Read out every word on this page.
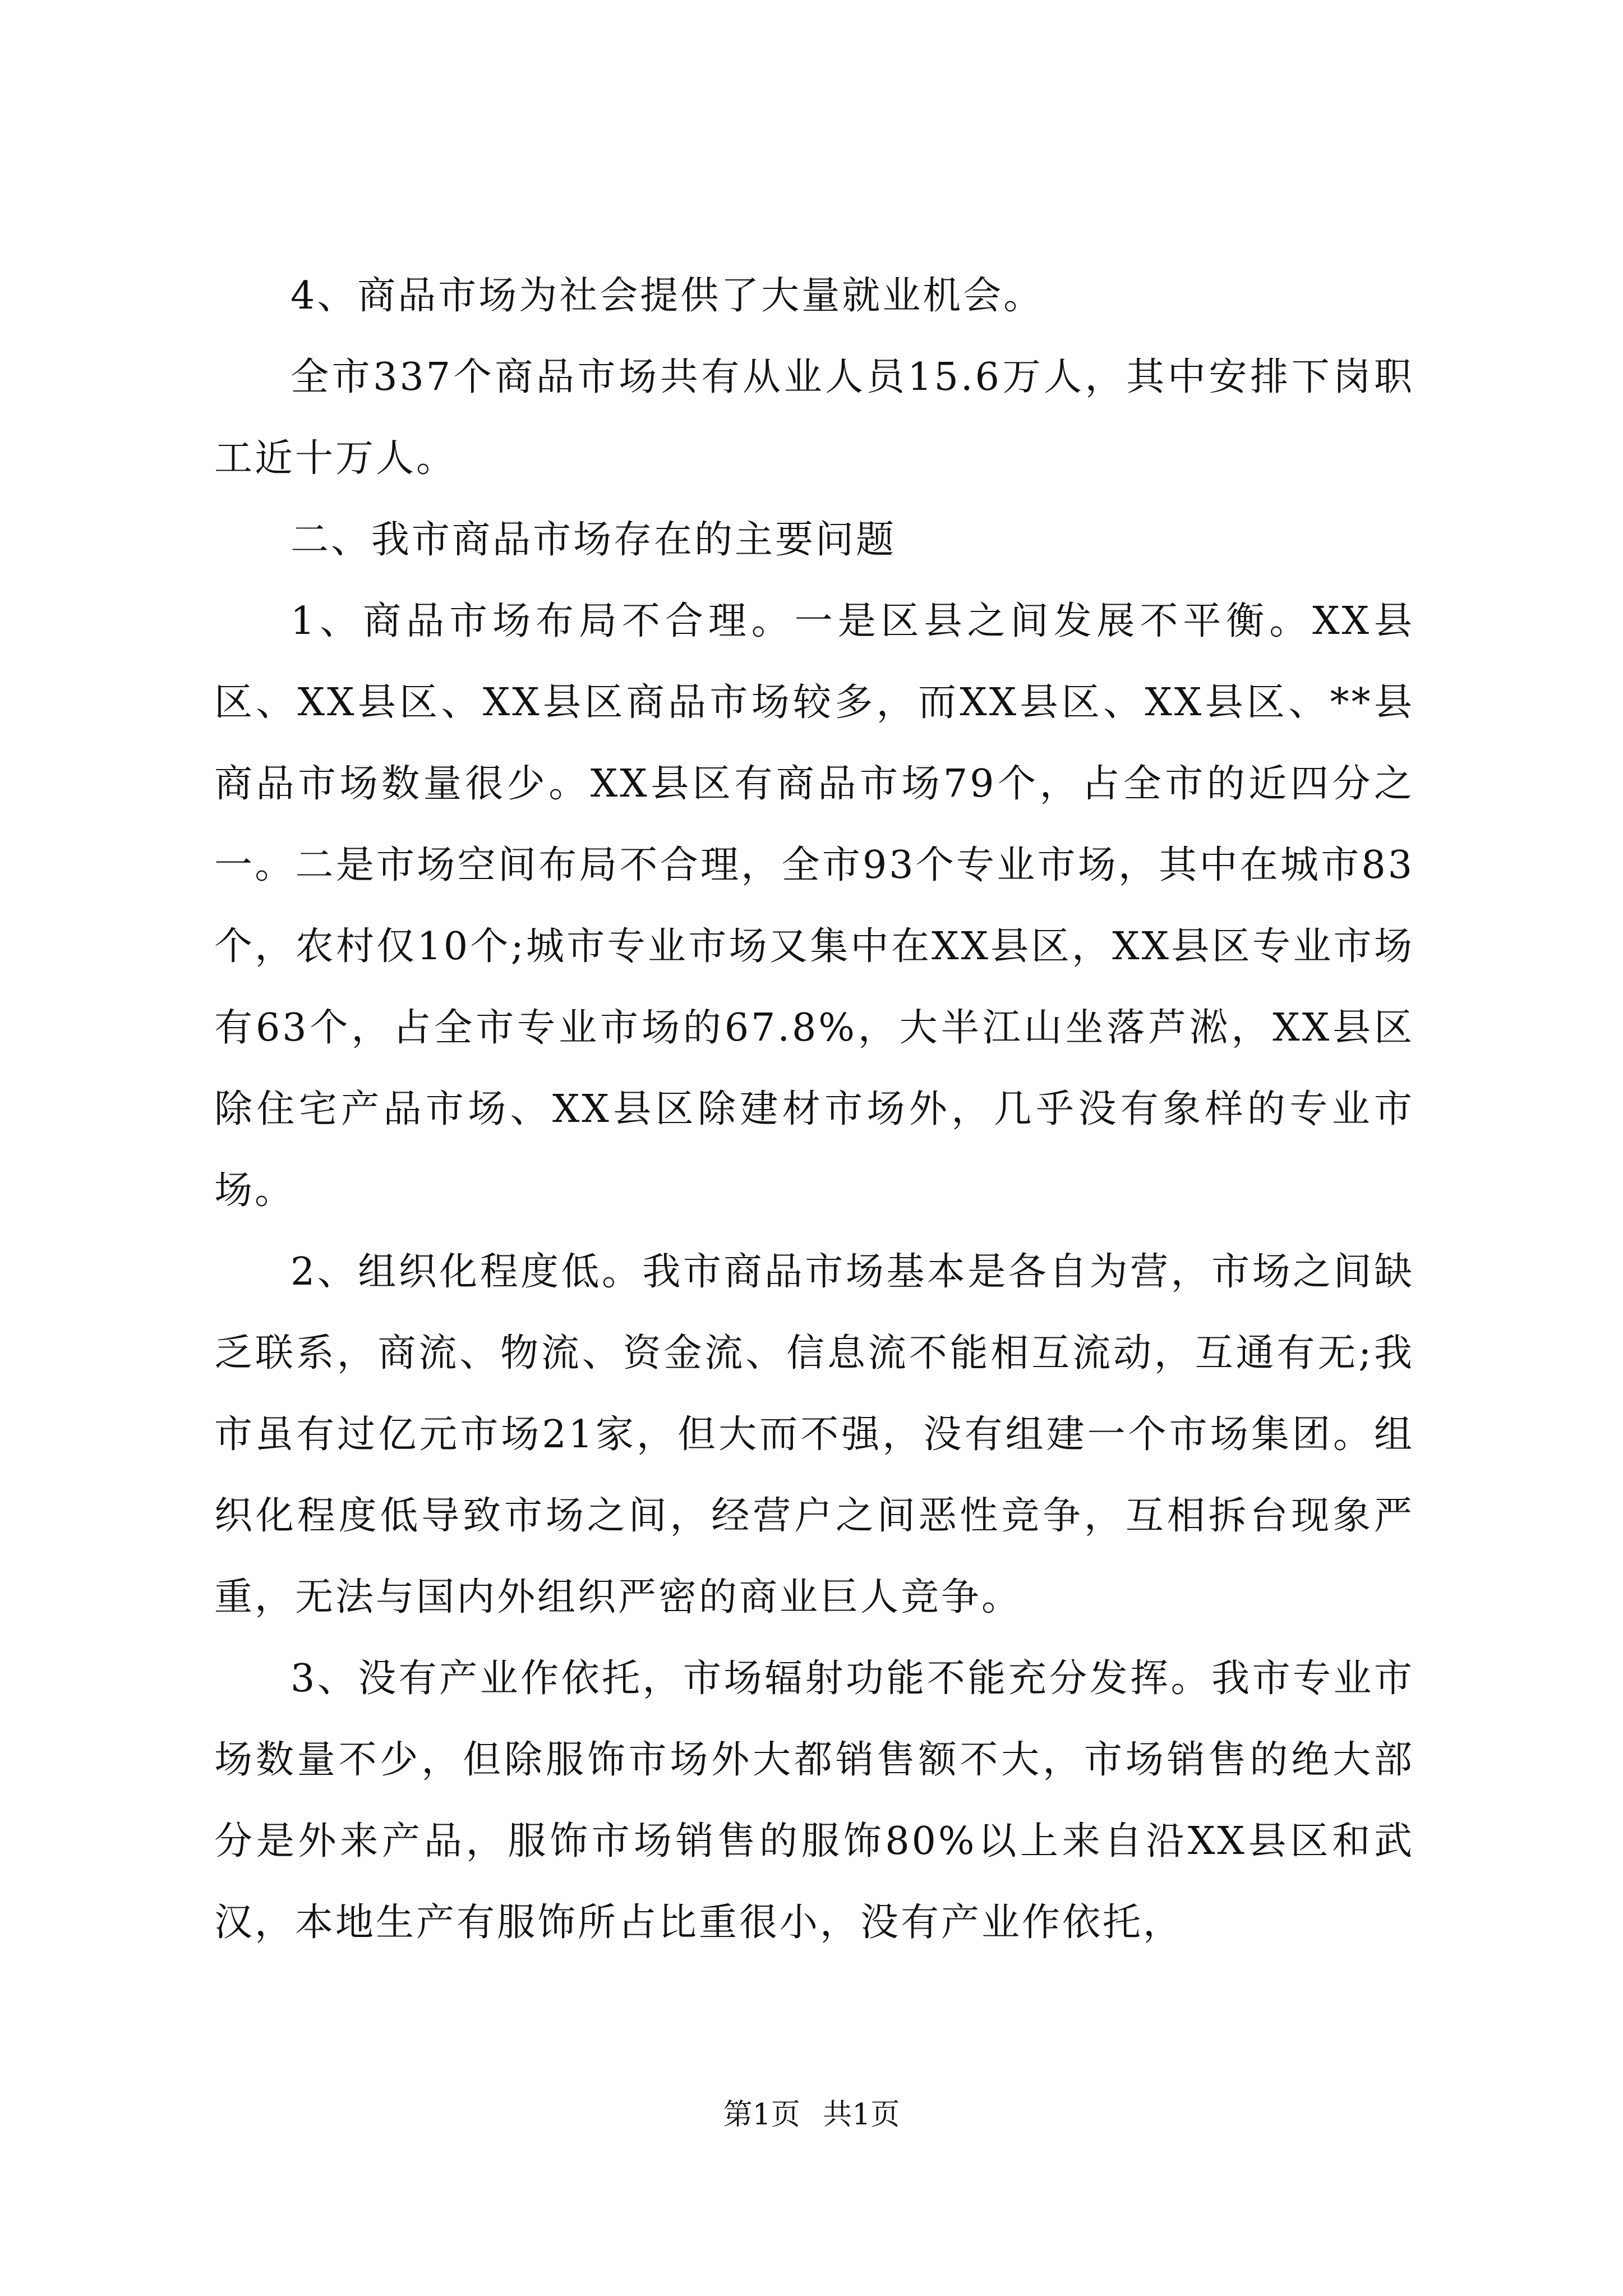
4、商品市场为社会提供了大量就业机会。

全市337个商品市场共有从业人员15.6万人，其中安排下岗职工近十万人。

二、我市商品市场存在的主要问题

1、商品市场布局不合理。一是区县之间发展不平衡。XX县区、XX县区、XX县区商品市场较多，而XX县区、XX县区、**县商品市场数量很少。XX县区有商品市场79个，占全市的近四分之一。二是市场空间布局不合理，全市93个专业市场，其中在城市83个，农村仅10个;城市专业市场又集中在XX县区，XX县区专业市场有63个，占全市专业市场的67.8%，大半江山坐落芦淞，XX县区除住宅产品市场、XX县区除建材市场外，几乎没有象样的专业市场。

2、组织化程度低。我市商品市场基本是各自为营，市场之间缺乏联系，商流、物流、资金流、信息流不能相互流动，互通有无;我市虽有过亿元市场21家，但大而不强，没有组建一个市场集团。组织化程度低导致市场之间，经营户之间恶性竞争，互相拆台现象严重，无法与国内外组织严密的商业巨人竞争。

3、没有产业作依托，市场辐射功能不能充分发挥。我市专业市场数量不少，但除服饰市场外大都销售额不大，市场销售的绝大部分是外来产品，服饰市场销售的服饰80%以上来自沿XX县区和武汉，本地生产有服饰所占比重很小，没有产业作依托，

第1页 共1页
